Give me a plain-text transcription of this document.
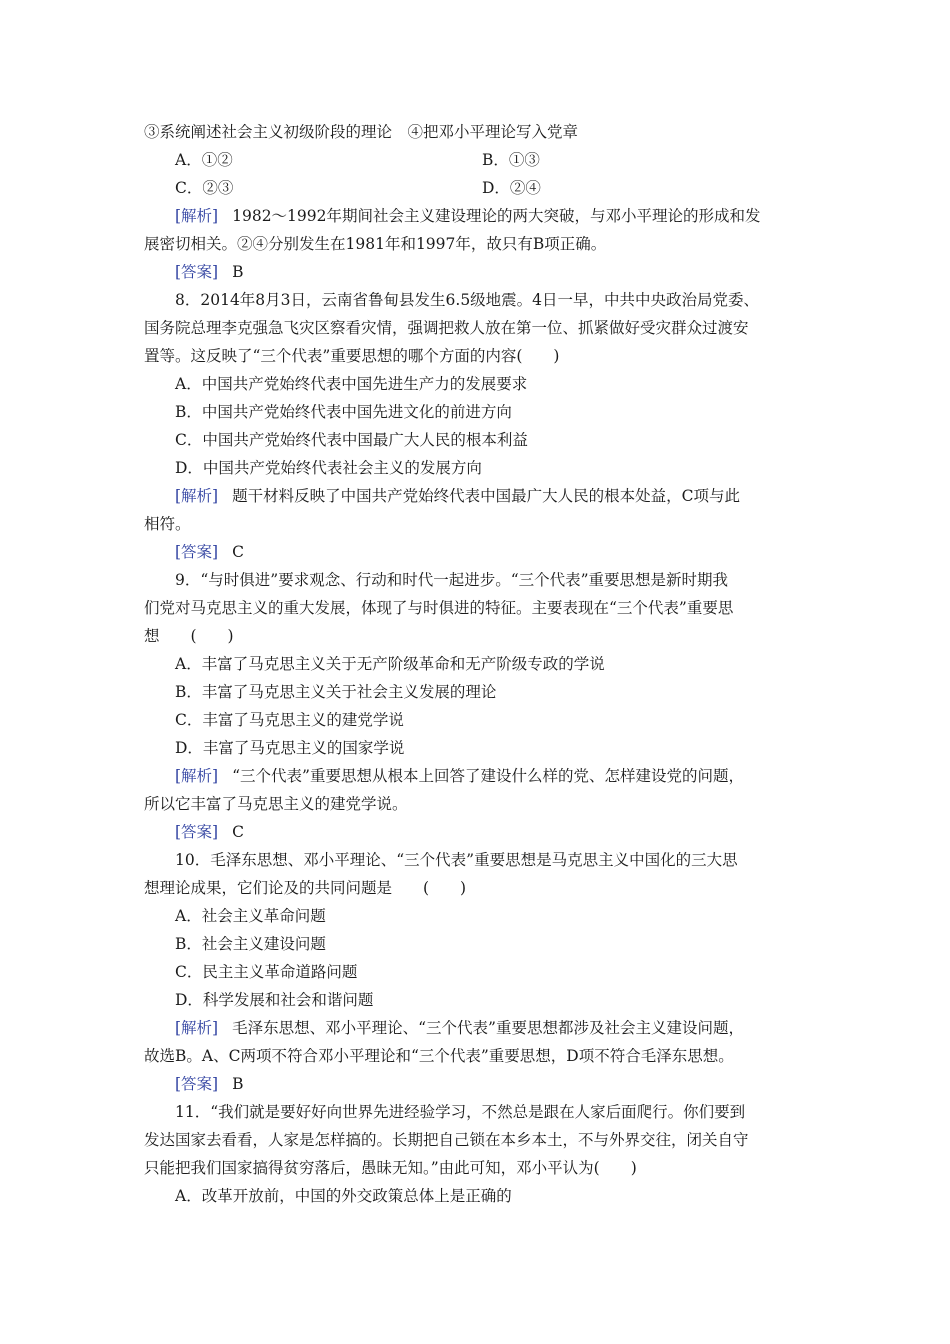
③系统阐述社会主义初级阶段的理论　④把邓小平理论写入党章
A．①②	B．①③
C．②③	D．②④
[解析] 1982～1992年期间社会主义建设理论的两大突破，与邓小平理论的形成和发
展密切相关。②④分别发生在1981年和1997年，故只有B项正确。
[答案] B
8．2014年8月3日，云南省鲁甸县发生6.5级地震。4日一早，中共中央政治局党委、
国务院总理李克强急飞灾区察看灾情，强调把救人放在第一位、抓紧做好受灾群众过渡安
置等。这反映了“三个代表”重要思想的哪个方面的内容(　　)
A．中国共产党始终代表中国先进生产力的发展要求
B．中国共产党始终代表中国先进文化的前进方向
C．中国共产党始终代表中国最广大人民的根本利益
D．中国共产党始终代表社会主义的发展方向
[解析] 题干材料反映了中国共产党始终代表中国最广大人民的根本处益，C项与此
相符。
[答案] C
9．“与时俱进”要求观念、行动和时代一起进步。“三个代表”重要思想是新时期我
们党对马克思主义的重大发展，体现了与时俱进的特征。主要表现在“三个代表”重要思
想　　(　　)
A．丰富了马克思主义关于无产阶级革命和无产阶级专政的学说
B．丰富了马克思主义关于社会主义发展的理论
C．丰富了马克思主义的建党学说
D．丰富了马克思主义的国家学说
[解析] “三个代表”重要思想从根本上回答了建设什么样的党、怎样建设党的问题，
所以它丰富了马克思主义的建党学说。
[答案] C
10．毛泽东思想、邓小平理论、“三个代表”重要思想是马克思主义中国化的三大思
想理论成果，它们论及的共同问题是　　(　　)
A．社会主义革命问题
B．社会主义建设问题
C．民主主义革命道路问题
D．科学发展和社会和谐问题
[解析] 毛泽东思想、邓小平理论、“三个代表”重要思想都涉及社会主义建设问题，
故选B。A、C两项不符合邓小平理论和“三个代表”重要思想，D项不符合毛泽东思想。
[答案] B
11．“我们就是要好好向世界先进经验学习，不然总是跟在人家后面爬行。你们要到
发达国家去看看，人家是怎样搞的。长期把自己锁在本乡本土，不与外界交往，闭关自守
只能把我们国家搞得贫穷落后，愚昧无知。”由此可知，邓小平认为(　　)
A．改革开放前，中国的外交政策总体上是正确的
